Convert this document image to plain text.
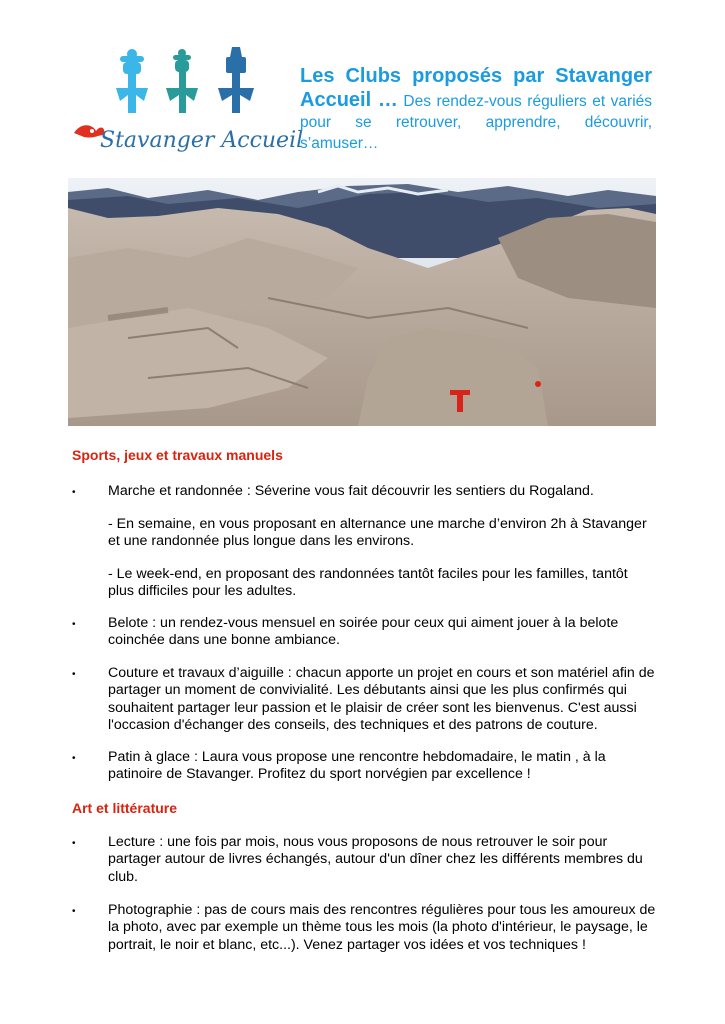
Stavanger Accueil
Les Clubs proposés par Stavanger Accueil … Des rendez-vous réguliers et variés pour se retrouver, apprendre, découvrir, s’amuser…
Sports, jeux et travaux manuels
• Marche et randonnée : Séverine vous fait découvrir les sentiers du Rogaland.
- En semaine, en vous proposant en alternance une marche d’environ 2h à Stavanger et une randonnée plus longue dans les environs.
- Le week-end, en proposant des randonnées tantôt faciles pour les familles, tantôt plus difficiles pour les adultes.
• Belote : un rendez-vous mensuel en soirée pour ceux qui aiment jouer à la belote coinchée dans une bonne ambiance.
• Couture et travaux d’aiguille : chacun apporte un projet en cours et son matériel afin de partager un moment de convivialité. Les débutants ainsi que les plus confirmés qui souhaitent partager leur passion et le plaisir de créer sont les bienvenus. C'est aussi l'occasion d'échanger des conseils, des techniques et des patrons de couture.
• Patin à glace : Laura vous propose une rencontre hebdomadaire, le matin , à la patinoire de Stavanger. Profitez du sport norvégien par excellence !
Art et littérature
• Lecture : une fois par mois, nous vous proposons de nous retrouver le soir pour partager autour de livres échangés, autour d'un dîner chez les différents membres du club.
• Photographie : pas de cours mais des rencontres régulières pour tous les amoureux de la photo, avec par exemple un thème tous les mois (la photo d'intérieur, le paysage, le portrait, le noir et blanc, etc...). Venez partager vos idées et vos techniques !
